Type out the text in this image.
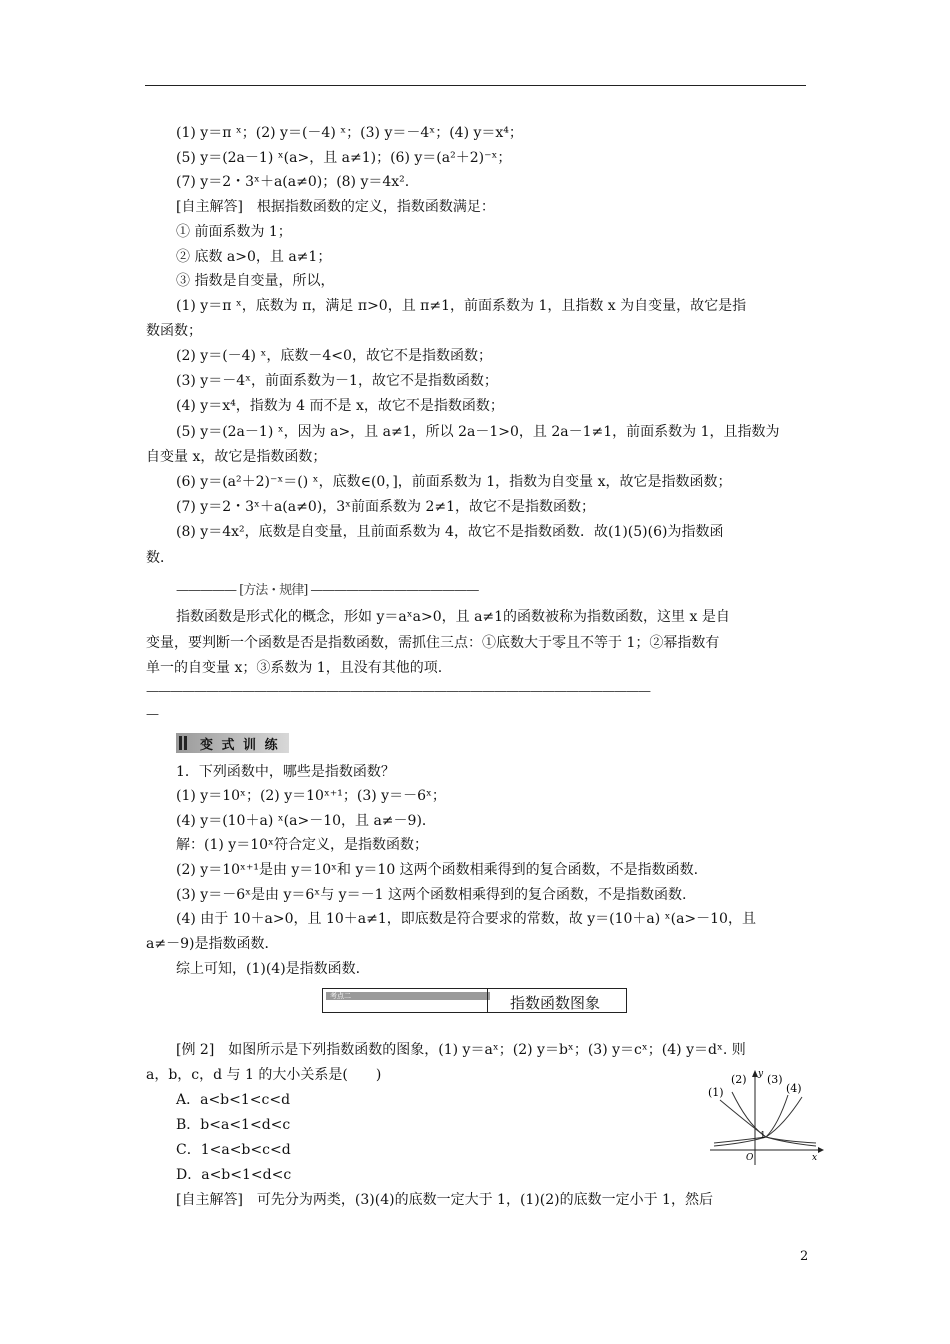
(1) y＝π ˣ；(2) y＝(－4) ˣ；(3) y＝－4ˣ；(4) y＝x⁴；
(5) y＝(2a－1) ˣ(a>，且 a≠1)；(6) y＝(a²＋2)⁻ˣ；
(7) y＝2・3ˣ＋a(a≠0)；(8) y＝4x².
[自主解答]　根据指数函数的定义，指数函数满足：
① 前面系数为 1；
② 底数 a>0，且 a≠1；
③ 指数是自变量，所以，
(1) y＝π ˣ，底数为 π，满足 π>0，且 π≠1，前面系数为 1，且指数 x 为自变量，故它是指
数函数；
(2) y＝(－4) ˣ，底数－4<0，故它不是指数函数；
(3) y＝－4ˣ，前面系数为－1，故它不是指数函数；
(4) y＝x⁴，指数为 4 而不是 x，故它不是指数函数；
(5) y＝(2a－1) ˣ，因为 a>，且 a≠1，所以 2a－1>0，且 2a－1≠1，前面系数为 1，且指数为
自变量 x，故它是指数函数；
(6) y＝(a²＋2)⁻ˣ＝() ˣ，底数∈(0，]，前面系数为 1，指数为自变量 x，故它是指数函数；
(7) y＝2・3ˣ＋a(a≠0)，3ˣ前面系数为 2≠1，故它不是指数函数；
(8) y＝4x²，底数是自变量，且前面系数为 4，故它不是指数函数．故(1)(5)(6)为指数函
数．
————— [方法・规律] ——————————————
指数函数是形式化的概念，形如 y＝aˣa>0，且 a≠1的函数被称为指数函数，这里 x 是自
变量，要判断一个函数是否是指数函数，需抓住三点：①底数大于零且不等于 1；②幂指数有
单一的自变量 x；③系数为 1，且没有其他的项.
——————————————————————————————————————————
—
变 式 训 练
1．下列函数中，哪些是指数函数？
(1) y＝10ˣ；(2) y＝10ˣ⁺¹；(3) y＝－6ˣ；
(4) y＝(10＋a) ˣ(a>－10，且 a≠－9)．
解：(1) y＝10ˣ符合定义，是指数函数；
(2) y＝10ˣ⁺¹是由 y＝10ˣ和 y＝10 这两个函数相乘得到的复合函数，不是指数函数.
(3) y＝－6ˣ是由 y＝6ˣ与 y＝－1 这两个函数相乘得到的复合函数，不是指数函数.
(4) 由于 10＋a>0，且 10＋a≠1，即底数是符合要求的常数，故 y＝(10＋a) ˣ(a>－10，且
a≠－9)是指数函数．
综上可知，(1)(4)是指数函数.
考点二	指数函数图象
[例 2]　如图所示是下列指数函数的图象，(1) y＝aˣ；(2) y＝bˣ；(3) y＝cˣ；(4) y＝dˣ. 则
a，b，c，d 与 1 的大小关系是(　　)
A．a<b<1<c<d
B．b<a<1<d<c
C．1<a<b<c<d
D．a<b<1<d<c
[自主解答]　可先分为两类，(3)(4)的底数一定大于 1，(1)(2)的底数一定小于 1，然后
(1)
(2) (3)
(4)
y
x
O
1
2
